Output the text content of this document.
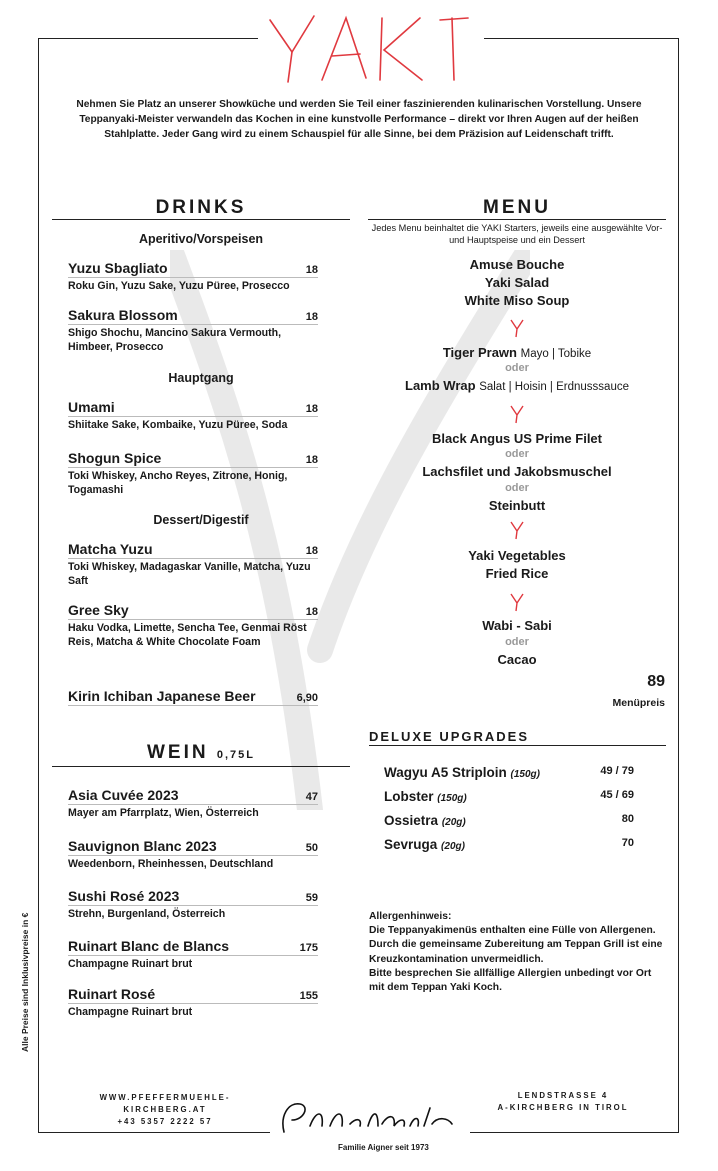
Nehmen Sie Platz an unserer Showküche und werden Sie Teil einer faszinierenden kulinarischen Vorstellung. Unsere Teppanyaki-Meister verwandeln das Kochen in eine kunstvolle Performance – direkt vor Ihren Augen auf der heißen Stahlplatte. Jeder Gang wird zu einem Schauspiel für alle Sinne, bei dem Präzision auf Leidenschaft trifft.
DRINKS
Aperitivo/Vorspeisen
Yuzu Sbagliato	18
Roku Gin, Yuzu Sake, Yuzu Püree, Prosecco
Sakura Blossom	18
Shigo Shochu, Mancino Sakura Vermouth, Himbeer, Prosecco
Hauptgang
Umami	18
Shiitake Sake, Kombaike, Yuzu Püree, Soda
Shogun Spice	18
Toki Whiskey, Ancho Reyes, Zitrone, Honig, Togamashi
Dessert/Digestif
Matcha Yuzu	18
Toki Whiskey, Madagaskar Vanille, Matcha, Yuzu Saft
Gree Sky	18
Haku Vodka, Limette, Sencha Tee, Genmai Röst Reis, Matcha & White Chocolate Foam
Kirin Ichiban Japanese Beer	6,90
WEIN 0,75L
Asia Cuvée 2023	47
Mayer am Pfarrplatz, Wien, Österreich
Sauvignon Blanc 2023	50
Weedenborn, Rheinhessen, Deutschland
Sushi Rosé 2023	59
Strehn, Burgenland, Österreich
Ruinart Blanc de Blancs	175
Champagne Ruinart brut
Ruinart Rosé	155
Champagne Ruinart brut
MENU
Jedes Menu beinhaltet die YAKI Starters, jeweils eine ausgewählte Vor- und Hauptspeise und ein Dessert
Amuse Bouche
Yaki Salad
White Miso Soup
Tiger Prawn Mayo | Tobike
oder
Lamb Wrap Salat | Hoisin | Erdnusssauce
Black Angus US Prime Filet
oder
Lachsfilet und Jakobsmuschel
oder
Steinbutt
Yaki Vegetables
Fried Rice
Wabi - Sabi
oder
Cacao
89
Menüpreis
DELUXE UPGRADES
Wagyu A5 Striploin (150g)	49 / 79
Lobster (150g)	45 / 69
Ossietra (20g)	80
Sevruga (20g)	70
Allergenhinweis:
Die Teppanyakimenüs enthalten eine Fülle von Allergenen. Durch die gemeinsame Zubereitung am Teppan Grill ist eine Kreuzkontamination unvermeidlich.
Bitte besprechen Sie allfällige Allergien unbedingt vor Ort mit dem Teppan Yaki Koch.
Alle Preise sind Inklusivpreise in €
WWW.PFEFFERMUEHLE-KIRCHBERG.AT
+43 5357 2222 57
LENDSTRASSE 4
A-KIRCHBERG IN TIROL
Familie Aigner seit 1973
